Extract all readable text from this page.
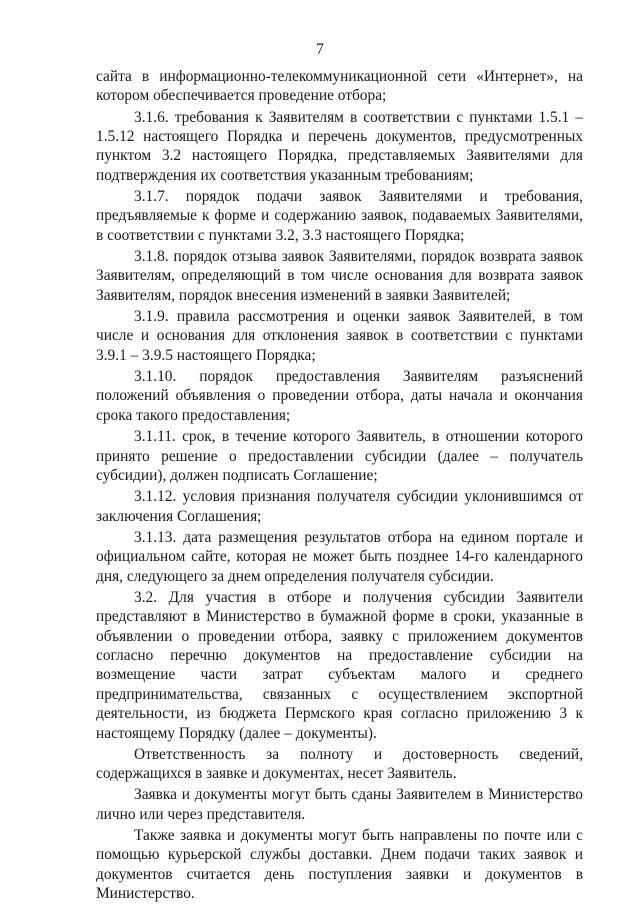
7

сайта в информационно-телекоммуникационной сети «Интернет», на котором обеспечивается проведение отбора;

3.1.6. требования к Заявителям в соответствии с пунктами 1.5.1 – 1.5.12 настоящего Порядка и перечень документов, предусмотренных пунктом 3.2 настоящего Порядка, представляемых Заявителями для подтверждения их соответствия указанным требованиям;

3.1.7. порядок подачи заявок Заявителями и требования, предъявляемые к форме и содержанию заявок, подаваемых Заявителями, в соответствии с пунктами 3.2, 3.3 настоящего Порядка;

3.1.8. порядок отзыва заявок Заявителями, порядок возврата заявок Заявителям, определяющий в том числе основания для возврата заявок Заявителям, порядок внесения изменений в заявки Заявителей;

3.1.9. правила рассмотрения и оценки заявок Заявителей, в том числе и основания для отклонения заявок в соответствии с пунктами 3.9.1 – 3.9.5 настоящего Порядка;

3.1.10. порядок предоставления Заявителям разъяснений положений объявления о проведении отбора, даты начала и окончания срока такого предоставления;

3.1.11. срок, в течение которого Заявитель, в отношении которого принято решение о предоставлении субсидии (далее – получатель субсидии), должен подписать Соглашение;

3.1.12. условия признания получателя субсидии уклонившимся от заключения Соглашения;

3.1.13. дата размещения результатов отбора на едином портале и официальном сайте, которая не может быть позднее 14-го календарного дня, следующего за днем определения получателя субсидии.

3.2. Для участия в отборе и получения субсидии Заявители представляют в Министерство в бумажной форме в сроки, указанные в объявлении о проведении отбора, заявку с приложением документов согласно перечню документов на предоставление субсидии на возмещение части затрат субъектам малого и среднего предпринимательства, связанных с осуществлением экспортной деятельности, из бюджета Пермского края согласно приложению 3 к настоящему Порядку (далее – документы).

Ответственность за полноту и достоверность сведений, содержащихся в заявке и документах, несет Заявитель.

Заявка и документы могут быть сданы Заявителем в Министерство лично или через представителя.

Также заявка и документы могут быть направлены по почте или с помощью курьерской службы доставки. Днем подачи таких заявок и документов считается день поступления заявки и документов в Министерство.
